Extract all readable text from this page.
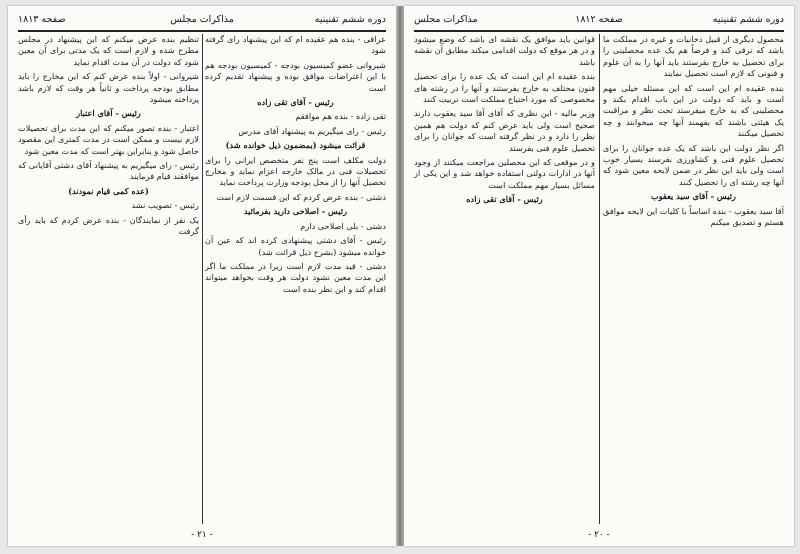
صفحه ۱۸۱۳	مذاکرات مجلس	دوره ششم تقنینیه

عراقی - بنده هم عقیده ام که این پیشنهاد رای گرفته شود

شیروانی عضو کمیسیون بودجه - کمیسیون بودجه هم با این اعتراضات موافق بوده و پیشنهاد تقدیم کرده است

رئیس - آقای تقی زاده

تقی زاده - بنده هم موافقم

رئیس - رای میگیریم به پیشنهاد آقای مدرس

قرائت میشود (بمضمون ذیل خوانده شد)

دولت مکلف است پنج نفر متخصص ایرانی را برای تحصیلات فنی در مالک خارجه اعزام نماید و مخارج تحصیل آنها را از محل بودجه وزارت پرداخت نماید

دشتی - بنده عرض کردم که این قسمت لازم است

رئیس - اصلاحی دارید بفرمائید

دشتی - بلی اصلاحی دارم

رئیس - آقای دشتی پیشنهادی کرده اند که عین آن خوانده میشود (بشرح ذیل قرائت شد)

دشتی - قید مدت لازم است زیرا در مملکت ما اگر این مدت معین نشود دولت هر وقت بخواهد میتواند اقدام کند و این نظر بنده است

تنظیم بنده عرض میکنم که این پیشنهاد در مجلس مطرح شده و لازم است که یک مدتی برای آن معین شود که دولت در آن مدت اقدام نماید

شیروانی - اولاً بنده عرض کنم که این مخارج را باید مطابق بودجه پرداخت و ثانیاً هر وقت که لازم باشد پرداخته میشود

رئیس - آقای اعتبار

اعتبار - بنده تصور میکنم که این مدت برای تحصیلات لازم نیست و ممکن است در مدت کمتری این مقصود حاصل شود و بنابراین بهتر است که مدت معین شود

رئیس - رای میگیریم به پیشنهاد آقای دشتی آقایانی که موافقند قیام فرمایند

(عده کمی قیام نمودند)

رئیس - تصویب نشد

یک نفر از نمایندگان - بنده عرض کردم که باید رأی گرفت

- ۲۱ -
مذاکرات مجلس	صفحه ۱۸۱۲	دوره ششم تقنینیه

محصول دیگری از قبیل دخانیات و غیره در مملکت ما باشد که ترقی کند و فرضاً هم یک عده محصلینی را برای تحصیل به خارج بفرستند باید آنها را به آن علوم و فنونی که لازم است تحصیل نمایند

بنده عقیده ام این است که این مسئله خیلی مهم است و باید که دولت در این باب اقدام بکند و محصلینی که به خارج میفرستد تحت نظر و مراقبت یک هیئتی باشند که بفهمند آنها چه میخوانند و چه تحصیل میکنند

اگر نظر دولت این باشد که یک عده جوانان را برای تحصیل علوم فنی و کشاورزی بفرستد بسیار خوب است ولی باید این نظر در ضمن لایحه معین شود که آنها چه رشته ای را تحصیل کنند

رئیس - آقای سید یعقوب

آقا سید یعقوب - بنده اساساً با کلیات این لایحه موافق هستم و تصدیق میکنم

قوانین باید موافق یک نقشه ای باشد که وضع میشود و در هر موقع که دولت اقدامی میکند مطابق آن نقشه باشد

بنده عقیده ام این است که یک عده را برای تحصیل فنون مختلف به خارج بفرستند و آنها را در رشته های مخصوصی که مورد احتیاج مملکت است تربیت کنند

وزیر مالیه - این نظری که آقای آقا سید یعقوب دارند صحیح است ولی باید عرض کنم که دولت هم همین نظر را دارد و در نظر گرفته است که جوانان را برای تحصیل علوم فنی بفرستد

و در موقعی که این محصلین مراجعت میکنند از وجود آنها در ادارات دولتی استفاده خواهد شد و این یکی از مسائل بسیار مهم مملکت است

رئیس - آقای تقی زاده

- ۲۰ -
